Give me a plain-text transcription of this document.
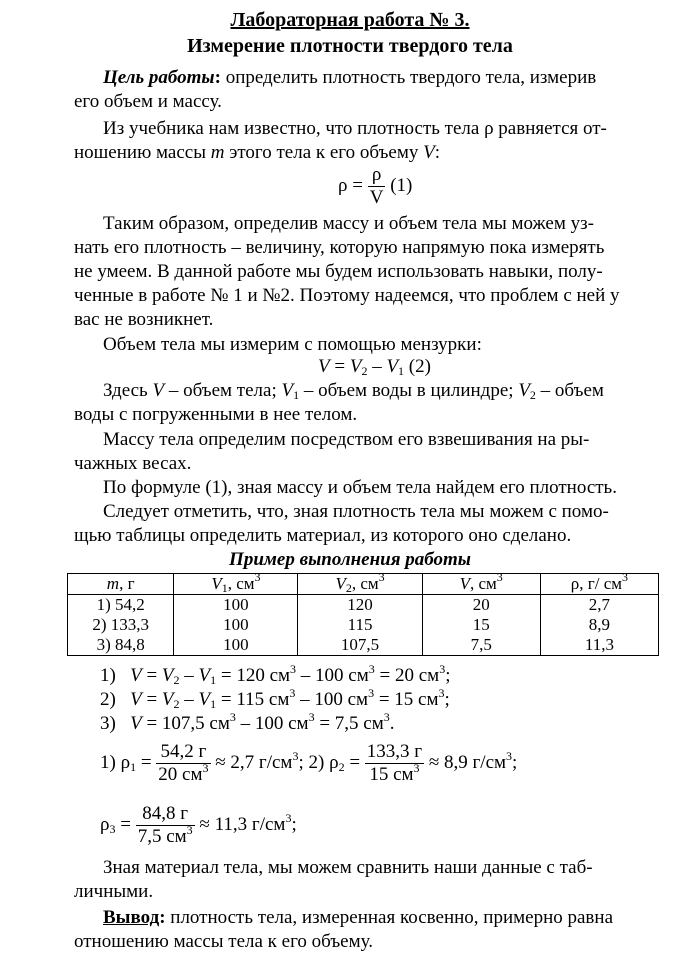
Лабораторная работа № 3.
Измерение плотности твердого тела
Цель работы: определить плотность твердого тела, измерив
его объем и массу.
Из учебника нам известно, что плотность тела ρ равняется от-
ношению массы m этого тела к его объему V:
$\rho = \frac{\rho}{V} (1)$
Таким образом, определив массу и объем тела мы можем уз-
нать его плотность – величину, которую напрямую пока измерять
не умеем. В данной работе мы будем использовать навыки, полу-
ченные в работе № 1 и №2. Поэтому надеемся, что проблем с ней у
вас не возникнет.
Объем тела мы измерим с помощью мензурки:
$V = V_2 - V_1$ (2)
Здесь V – объем тела; $V_1$ – объем воды в цилиндре; $V_2$ – объем
воды с погруженными в нее телом.
Массу тела определим посредством его взвешивания на ры-
чажных весах.
По формуле (1), зная массу и объем тела найдем его плотность.
Следует отметить, что, зная плотность тела мы можем с помо-
щью таблицы определить материал, из которого оно сделано.
Пример выполнения работы
m, г	$V_1$, $см^3$	$V_2$, $см^3$	V, $см^3$	ρ, г/ $см^3$
1) 54,2	100	120	20	2,7
2) 133,3	100	115	15	8,9
3) 84,8	100	107,5	7,5	11,3
1) $V = V_2 - V_1 = 120$ $см^3 - 100$ $см^3 = 20$ $см^3$;
2) $V = V_2 - V_1 = 115$ $см^3 - 100$ $см^3 = 15$ $см^3$;
3) V = 107,5 $см^3 - 100$ $см^3 = 7,5$ $см^3$.
1) $\rho_1 = \frac{54,2 г}{20 см^3} \approx 2,7$ $г/см^3$; 2) $\rho_2 = \frac{133,3 г}{15 см^3} \approx 8,9$ $г/см^3$;
$\rho_3 = \frac{84,8 г}{7,5 см^3} \approx 11,3$ $г/см^3$;
Зная материал тела, мы можем сравнить наши данные с таб-
личными.
Вывод: плотность тела, измеренная косвенно, примерно равна
отношению массы тела к его объему.
